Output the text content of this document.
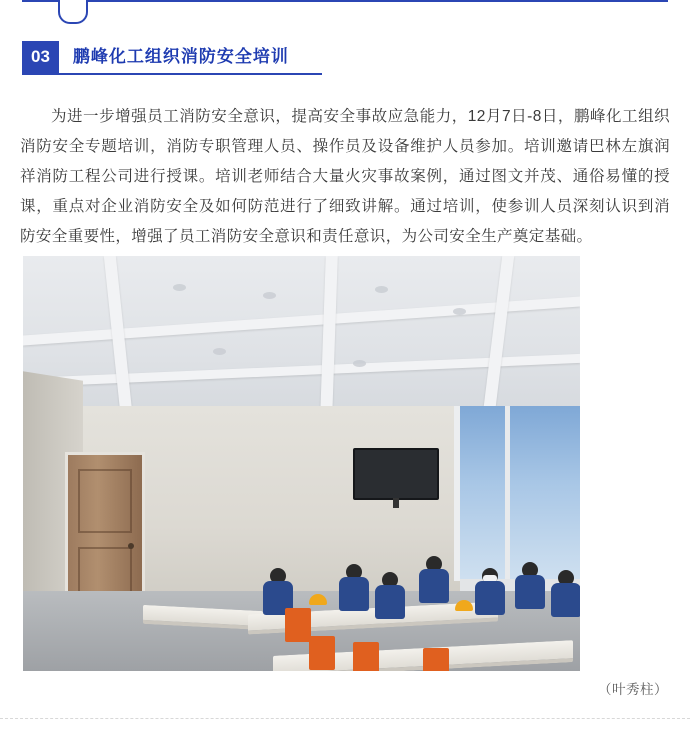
03	鹏峰化工组织消防安全培训

为进一步增强员工消防安全意识，提高安全事故应急能力，12月7日-8日，鹏峰化工组织消防安全专题培训，消防专职管理人员、操作员及设备维护人员参加。培训邀请巴林左旗润祥消防工程公司进行授课。培训老师结合大量火灾事故案例，通过图文并茂、通俗易懂的授课，重点对企业消防安全及如何防范进行了细致讲解。通过培训，使参训人员深刻认识到消防安全重要性，增强了员工消防安全意识和责任意识，为公司安全生产奠定基础。

（叶秀柱）
